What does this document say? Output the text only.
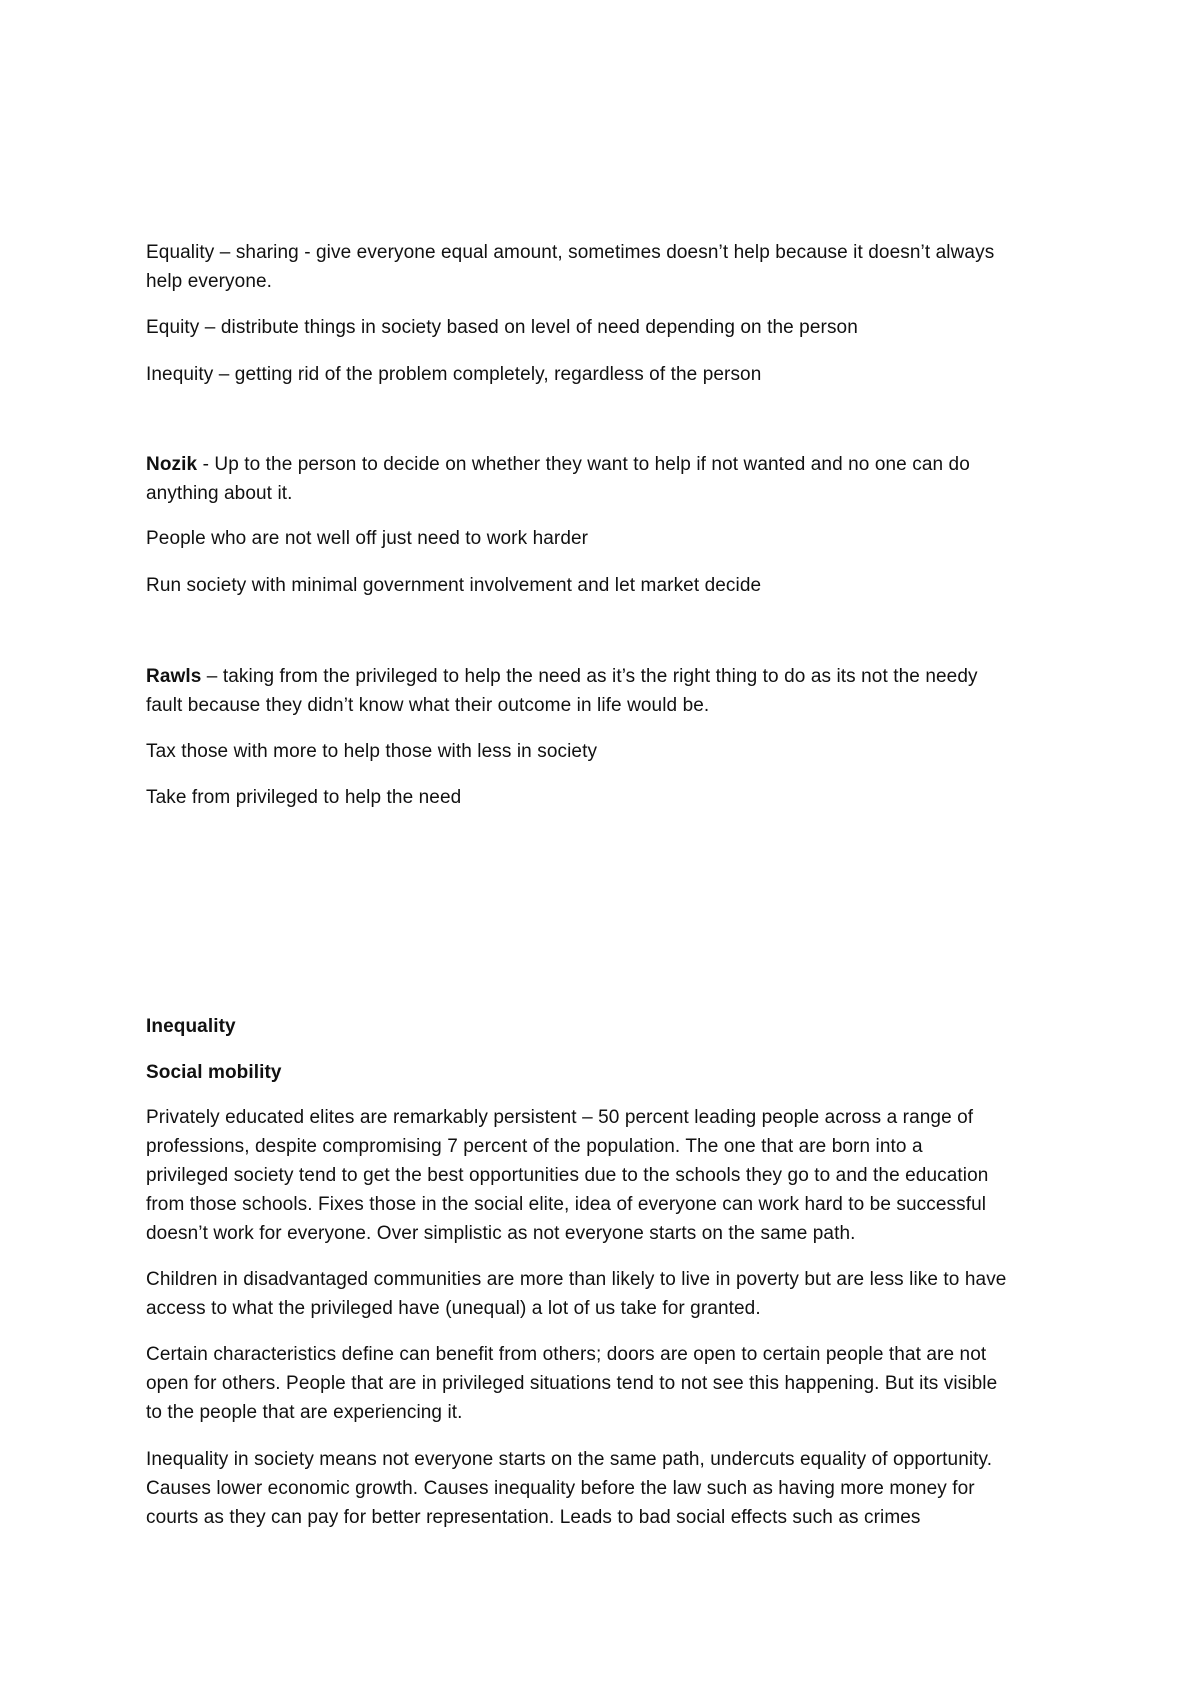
Equality – sharing - give everyone equal amount, sometimes doesn’t help because it doesn’t always
help everyone.

Equity – distribute things in society based on level of need depending on the person

Inequity – getting rid of the problem completely, regardless of the person

Nozik - Up to the person to decide on whether they want to help if not wanted and no one can do
anything about it.

People who are not well off just need to work harder

Run society with minimal government involvement and let market decide

Rawls – taking from the privileged to help the need as it’s the right thing to do as its not the needy
fault because they didn’t know what their outcome in life would be.

Tax those with more to help those with less in society

Take from privileged to help the need

Inequality

Social mobility

Privately educated elites are remarkably persistent – 50 percent leading people across a range of
professions, despite compromising 7 percent of the population. The one that are born into a
privileged society tend to get the best opportunities due to the schools they go to and the education
from those schools. Fixes those in the social elite, idea of everyone can work hard to be successful
doesn’t work for everyone. Over simplistic as not everyone starts on the same path.

Children in disadvantaged communities are more than likely to live in poverty but are less like to have
access to what the privileged have (unequal) a lot of us take for granted.

Certain characteristics define can benefit from others; doors are open to certain people that are not
open for others. People that are in privileged situations tend to not see this happening. But its visible
to the people that are experiencing it.

Inequality in society means not everyone starts on the same path, undercuts equality of opportunity.
Causes lower economic growth. Causes inequality before the law such as having more money for
courts as they can pay for better representation. Leads to bad social effects such as crimes
